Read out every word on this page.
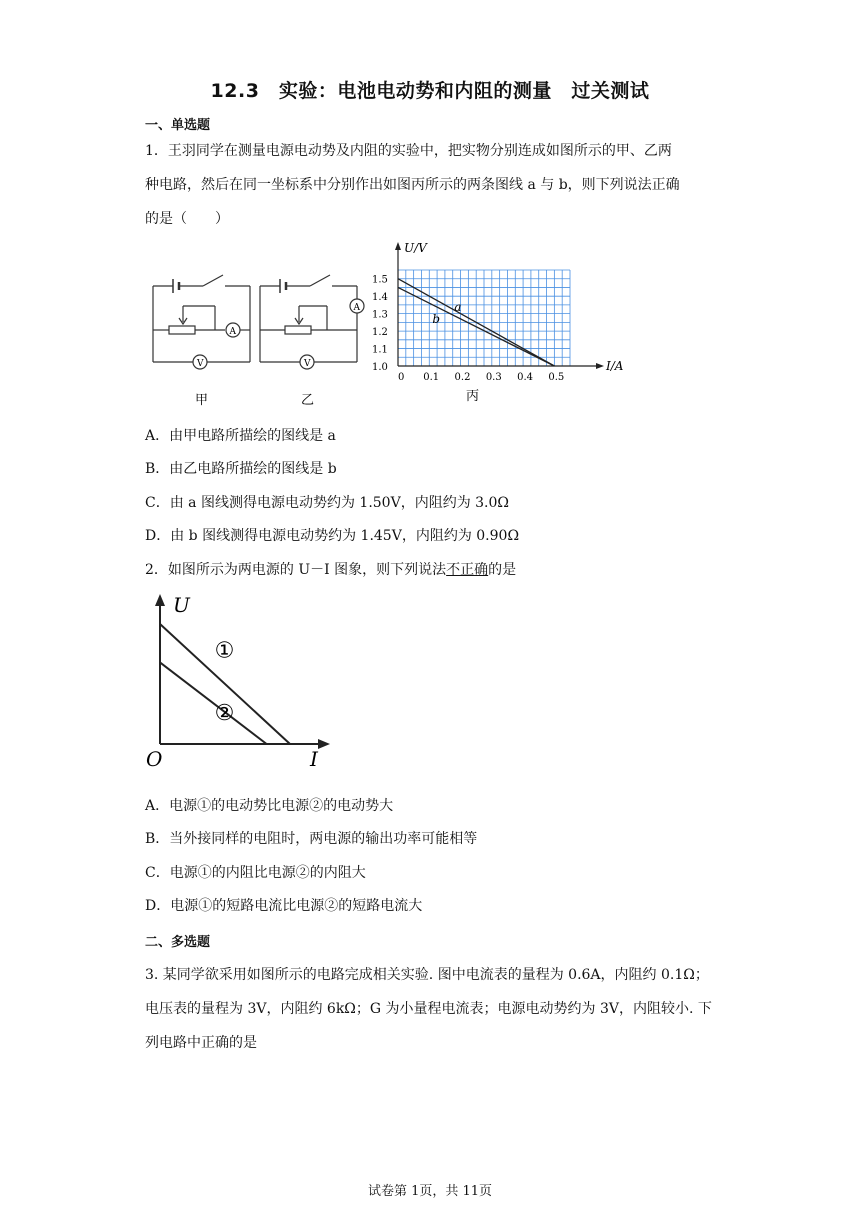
12.3　实验：电池电动势和内阻的测量　过关测试
一、单选题
1．王羽同学在测量电源电动势及内阻的实验中，把实物分别连成如图所示的甲、乙两
种电路，然后在同一坐标系中分别作出如图丙所示的两条图线 a 与 b，则下列说法正确
的是（　　）
A
V
A
V
甲	乙
0 0.1 0.2 0.3 0.4 0.5
1.0
1.1
1.2
1.3
1.4
1.5
U/V
I/A
a
b
丙
A．由甲电路所描绘的图线是 a
B．由乙电路所描绘的图线是 b
C．由 a 图线测得电源电动势约为 1.50V，内阻约为 3.0Ω
D．由 b 图线测得电源电动势约为 1.45V，内阻约为 0.90Ω
2．如图所示为两电源的 U－I 图象，则下列说法不正确的是
U
I
O
①
②
A．电源①的电动势比电源②的电动势大
B．当外接同样的电阻时，两电源的输出功率可能相等
C．电源①的内阻比电源②的内阻大
D．电源①的短路电流比电源②的短路电流大
二、多选题
3. 某同学欲采用如图所示的电路完成相关实验. 图中电流表的量程为 0.6A，内阻约 0.1Ω；
电压表的量程为 3V，内阻约 6kΩ；G 为小量程电流表；电源电动势约为 3V，内阻较小. 下
列电路中正确的是
试卷第 1页，共 11页
